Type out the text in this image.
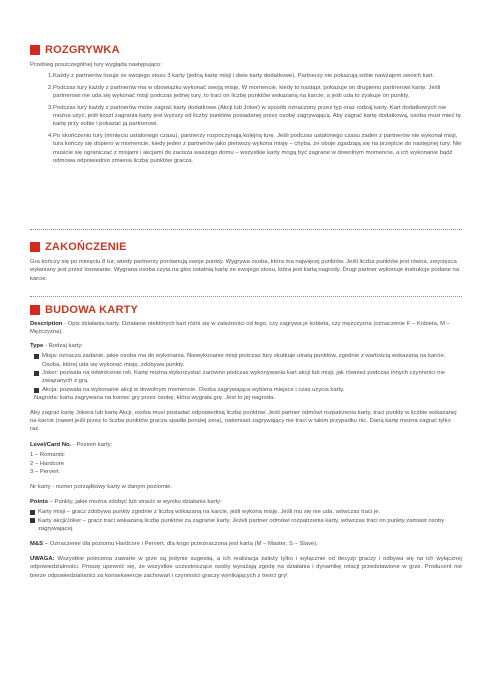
ROZGRYWKA

Przebieg poszczególnej tury wygląda następująco:

1. Każdy z partnerów losuje ze swojego stosu 3 karty (jedną kartę misji i dwie karty dodatkowe). Partnerzy nie pokazują sobie nawzajem swoich kart.
2. Podczas tury każdy z partnerów ma w obowiązku wykonać swoją misję. W momencie, kiedy to nastąpi, pokazuje on drugiemu partnerowi kartę. Jeśli partnerowi nie uda się wykonać misji podczas jednej tury, to traci on liczbę punktów wskazaną na karcie, a jeśli uda to zyskuje on punkty.
3. Podczas tury każdy z partnerów może zagrać karty dodatkowe (Akcji lub Joker) w sposób oznaczony przez typ oraz rodzaj karty. Kart dodatkowych nie można użyć, jeśli koszt zagrania karty jest wyższy od liczby punktów posiadanej przez osobę zagrywającą. Aby zagrać kartę dodatkową, osoba musi mieć tę kartę przy sobie i pokazać ją partnerowi.
4. Po skończeniu tury (minięciu ustalonego czasu), partnerzy rozpoczynają kolejną turę. Jeśli podczas ustalonego czasu żaden z partnerów nie wykonał misji, tura kończy się dopiero w momencie, kiedy jeden z partnerów jako pierwszy wykona misję – chyba, że oboje zgadzają się na przejście do następnej tury. Nie musicie się ograniczać z misjami i akcjami do zacisza waszego domu – wszystkie karty mogą być zagrane w dowolnym momencie, a ich wykonanie bądź odmowa odpowiednio zmienia liczbę punktów gracza.
ZAKOŃCZENIE

Gra kończy się po minięciu 8 tur, wtedy partnerzy porównują swoje punkty. Wygrywa osoba, która ma najwięcej punktów. Jeśli liczba punktów jest równa, zwycięzca wyłaniany jest przez losowanie. Wygrana osoba czyta na głos ostatnią kartę ze swojego stosu, która jest kartą nagrody. Drugi partner wykonuje instrukcje podane na karcie.

BUDOWA KARTY

Description - Opis działania karty. Działanie niektórych kart różni się w zależności od tego, czy zagrywa je kobieta, czy mężczyzna (oznaczenie F – Kobieta, M – Mężczyzna).

Type - Rodzaj karty:

Misja: oznacza zadanie, jakie osoba ma do wykonania. Niewykonanie misji podczas tury skutkuje utratą punktów, zgodnie z wartością wskazaną na karcie. Osoba, której uda się wykonać misję, zdobywa punkty.
Joker: pozwala na odwrócenie roli. Kartę można wykorzystać zarówno podczas wykonywania kart akcji lub misji, jak również podczas innych czynności nie związanych z grą.
Akcja: pozwala na wykonanie akcji w dowolnym momencie. Osoba zagrywająca wybiera miejsce i czas użycia karty.

Nagroda: karta zagrywana na koniec gry przez osobę, która wygrała grę. Jest to jej nagroda.

Aby zagrać kartę Jokera lub kartę Akcji, osoba musi posiadać odpowiednią liczbę punktów. Jeśli partner odmówi rozpatrzenia karty, traci punkty w liczbie wskazanej na karcie (nawet jeśli przez to liczba punktów gracza spadła poniżej zera), natomiast zagrywający nie traci w takim przypadku nic. Daną kartę można zagrać tylko raz.

Level/Card No. - Poziom karty:

1 – Romantic
2 – Hardcore
3 – Pervert

Nr karty - numer porządkowy karty w danym poziomie.

Points – Punkty, jakie można zdobyć lub stracić w wyniku działania karty:

Karty misji – gracz zdobywa punkty zgodnie z liczbą wskazaną na karcie, jeśli wykona misję. Jeśli mu się nie uda, wówczas traci je.
Karty akcji/Joker – gracz traci wskazaną liczbę punktów za zagranie karty. Jeżeli partner odmówi rozpatrzenia karty, wówczas traci on punkty zamiast osoby zagrywającej.

M&S – Oznaczenie dla poziomu Hardcore i Pervert, dla kogo przeznaczona jest karta (M – Master, S – Slave).

UWAGA: Wszystkie polecenia zawarte w grze są jedynie sugestią, a ich realizacja zależy tylko i wyłącznie od decyzji graczy i odbywa się na ich wyłącznej odpowiedzialności. Proszę upewnić się, że wszystkie uczestniczące osoby wyrażają zgodę na działania i dynamikę relacji przedstawione w grze. Producent nie bierze odpowiedzialności za konsekwencje zachowań i czynności graczy wynikających z treści gry!
